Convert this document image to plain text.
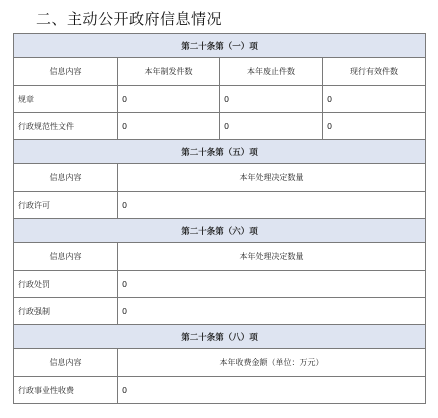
二、主动公开政府信息情况
第二十条第（一）项			
信息内容	本年制发件数	本年废止件数	现行有效件数
规章	0	0	0
行政规范性文件	0	0	0
第二十条第（五）项			
信息内容	本年处理决定数量		
行政许可	0		
第二十条第（六）项			
信息内容	本年处理决定数量		
行政处罚	0		
行政强制	0		
第二十条第（八）项			
信息内容	本年收费金额（单位：万元）		
行政事业性收费	0		
